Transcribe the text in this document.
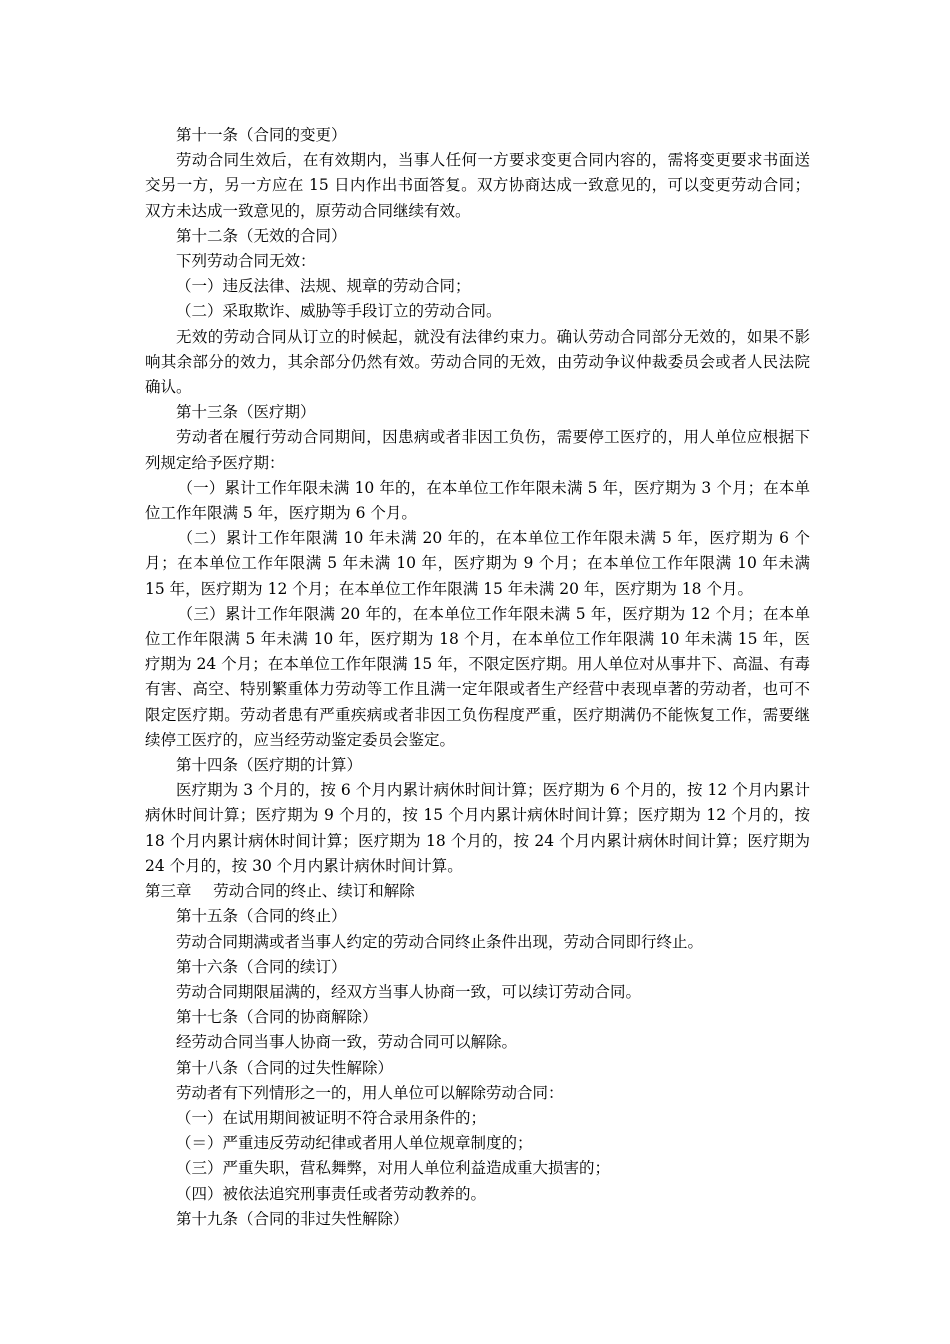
第十一条（合同的变更）

劳动合同生效后，在有效期内，当事人任何一方要求变更合同内容的，需将变更要求书面送交另一方，另一方应在 15 日内作出书面答复。双方协商达成一致意见的，可以变更劳动合同；双方未达成一致意见的，原劳动合同继续有效。

第十二条（无效的合同）

下列劳动合同无效：

（一）违反法律、法规、规章的劳动合同；

（二）采取欺诈、威胁等手段订立的劳动合同。

无效的劳动合同从订立的时候起，就没有法律约束力。确认劳动合同部分无效的，如果不影响其余部分的效力，其余部分仍然有效。劳动合同的无效，由劳动争议仲裁委员会或者人民法院确认。

第十三条（医疗期）

劳动者在履行劳动合同期间，因患病或者非因工负伤，需要停工医疗的，用人单位应根据下列规定给予医疗期：

（一）累计工作年限未满 10 年的，在本单位工作年限未满 5 年，医疗期为 3 个月；在本单位工作年限满 5 年，医疗期为 6 个月。

（二）累计工作年限满 10 年未满 20 年的，在本单位工作年限未满 5 年，医疗期为 6 个月；在本单位工作年限满 5 年未满 10 年，医疗期为 9 个月；在本单位工作年限满 10 年未满 15 年，医疗期为 12 个月；在本单位工作年限满 15 年未满 20 年，医疗期为 18 个月。

（三）累计工作年限满 20 年的，在本单位工作年限未满 5 年，医疗期为 12 个月；在本单位工作年限满 5 年未满 10 年，医疗期为 18 个月，在本单位工作年限满 10 年未满 15 年，医疗期为 24 个月；在本单位工作年限满 15 年，不限定医疗期。用人单位对从事井下、高温、有毒有害、高空、特别繁重体力劳动等工作且满一定年限或者生产经营中表现卓著的劳动者，也可不限定医疗期。劳动者患有严重疾病或者非因工负伤程度严重，医疗期满仍不能恢复工作，需要继续停工医疗的，应当经劳动鉴定委员会鉴定。

第十四条（医疗期的计算）

医疗期为 3 个月的，按 6 个月内累计病休时间计算；医疗期为 6 个月的，按 12 个月内累计病休时间计算；医疗期为 9 个月的，按 15 个月内累计病休时间计算；医疗期为 12 个月的，按 18 个月内累计病休时间计算；医疗期为 18 个月的，按 24 个月内累计病休时间计算；医疗期为 24 个月的，按 30 个月内累计病休时间计算。

第三章 劳动合同的终止、续订和解除

第十五条（合同的终止）

劳动合同期满或者当事人约定的劳动合同终止条件出现，劳动合同即行终止。

第十六条（合同的续订）

劳动合同期限届满的，经双方当事人协商一致，可以续订劳动合同。

第十七条（合同的协商解除）

经劳动合同当事人协商一致，劳动合同可以解除。

第十八条（合同的过失性解除）

劳动者有下列情形之一的，用人单位可以解除劳动合同：

（一）在试用期间被证明不符合录用条件的；

（＝）严重违反劳动纪律或者用人单位规章制度的；

（三）严重失职，营私舞弊，对用人单位利益造成重大损害的；

（四）被依法追究刑事责任或者劳动教养的。

第十九条（合同的非过失性解除）
